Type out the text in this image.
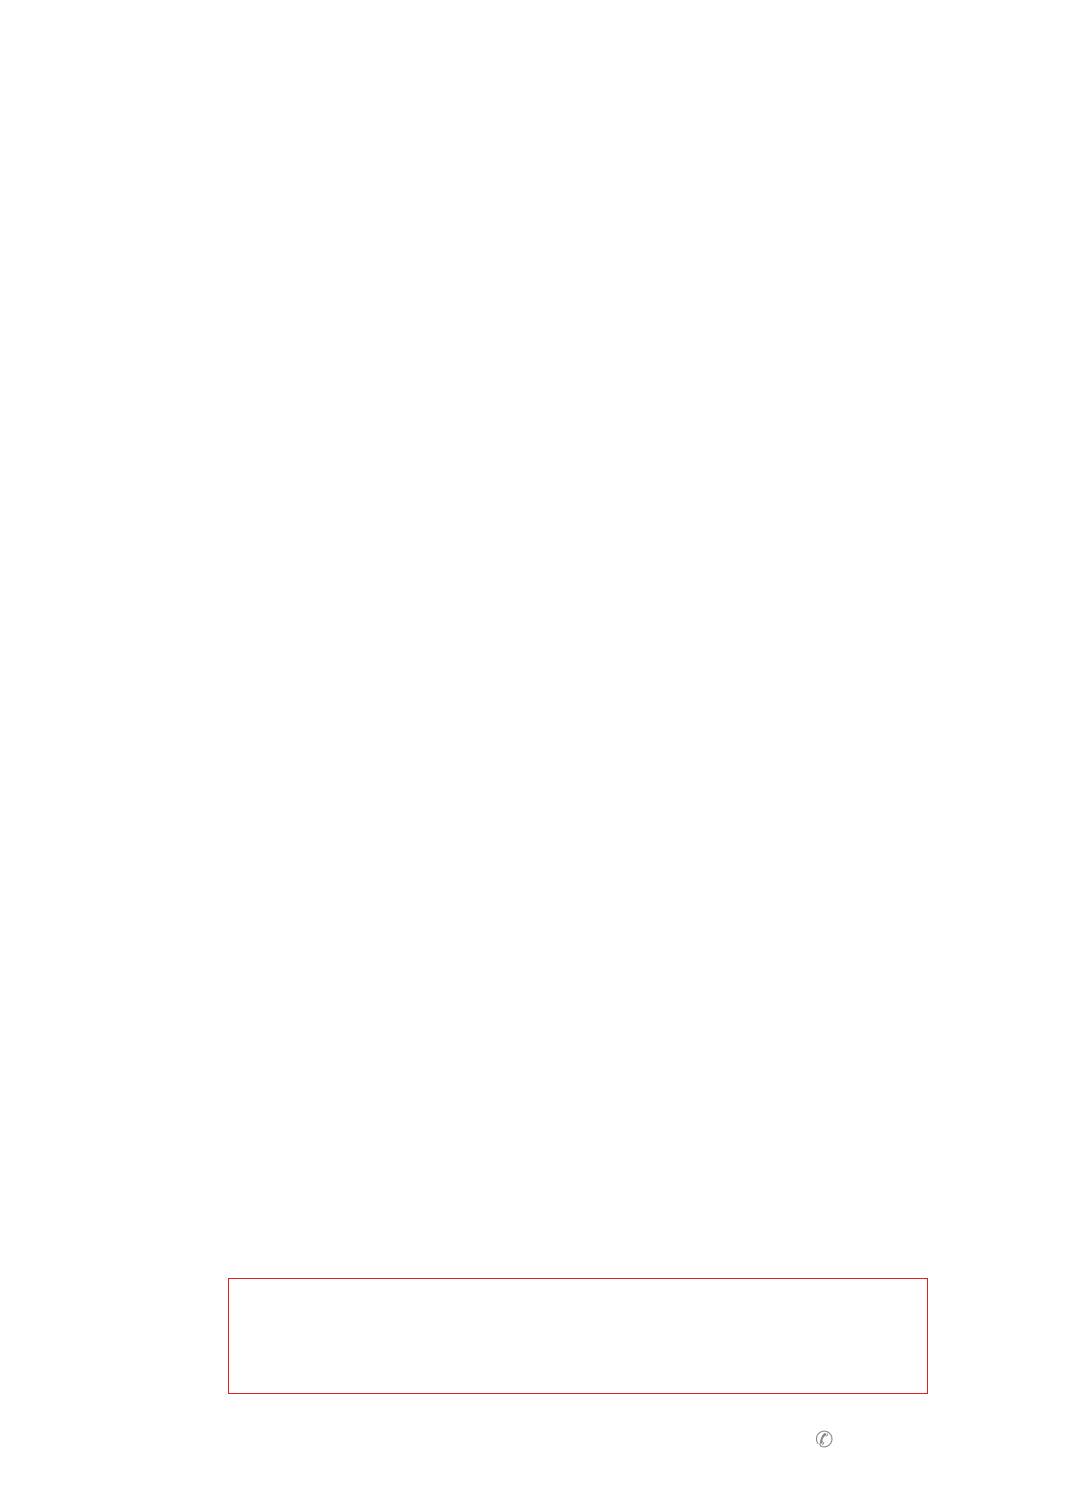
✆
